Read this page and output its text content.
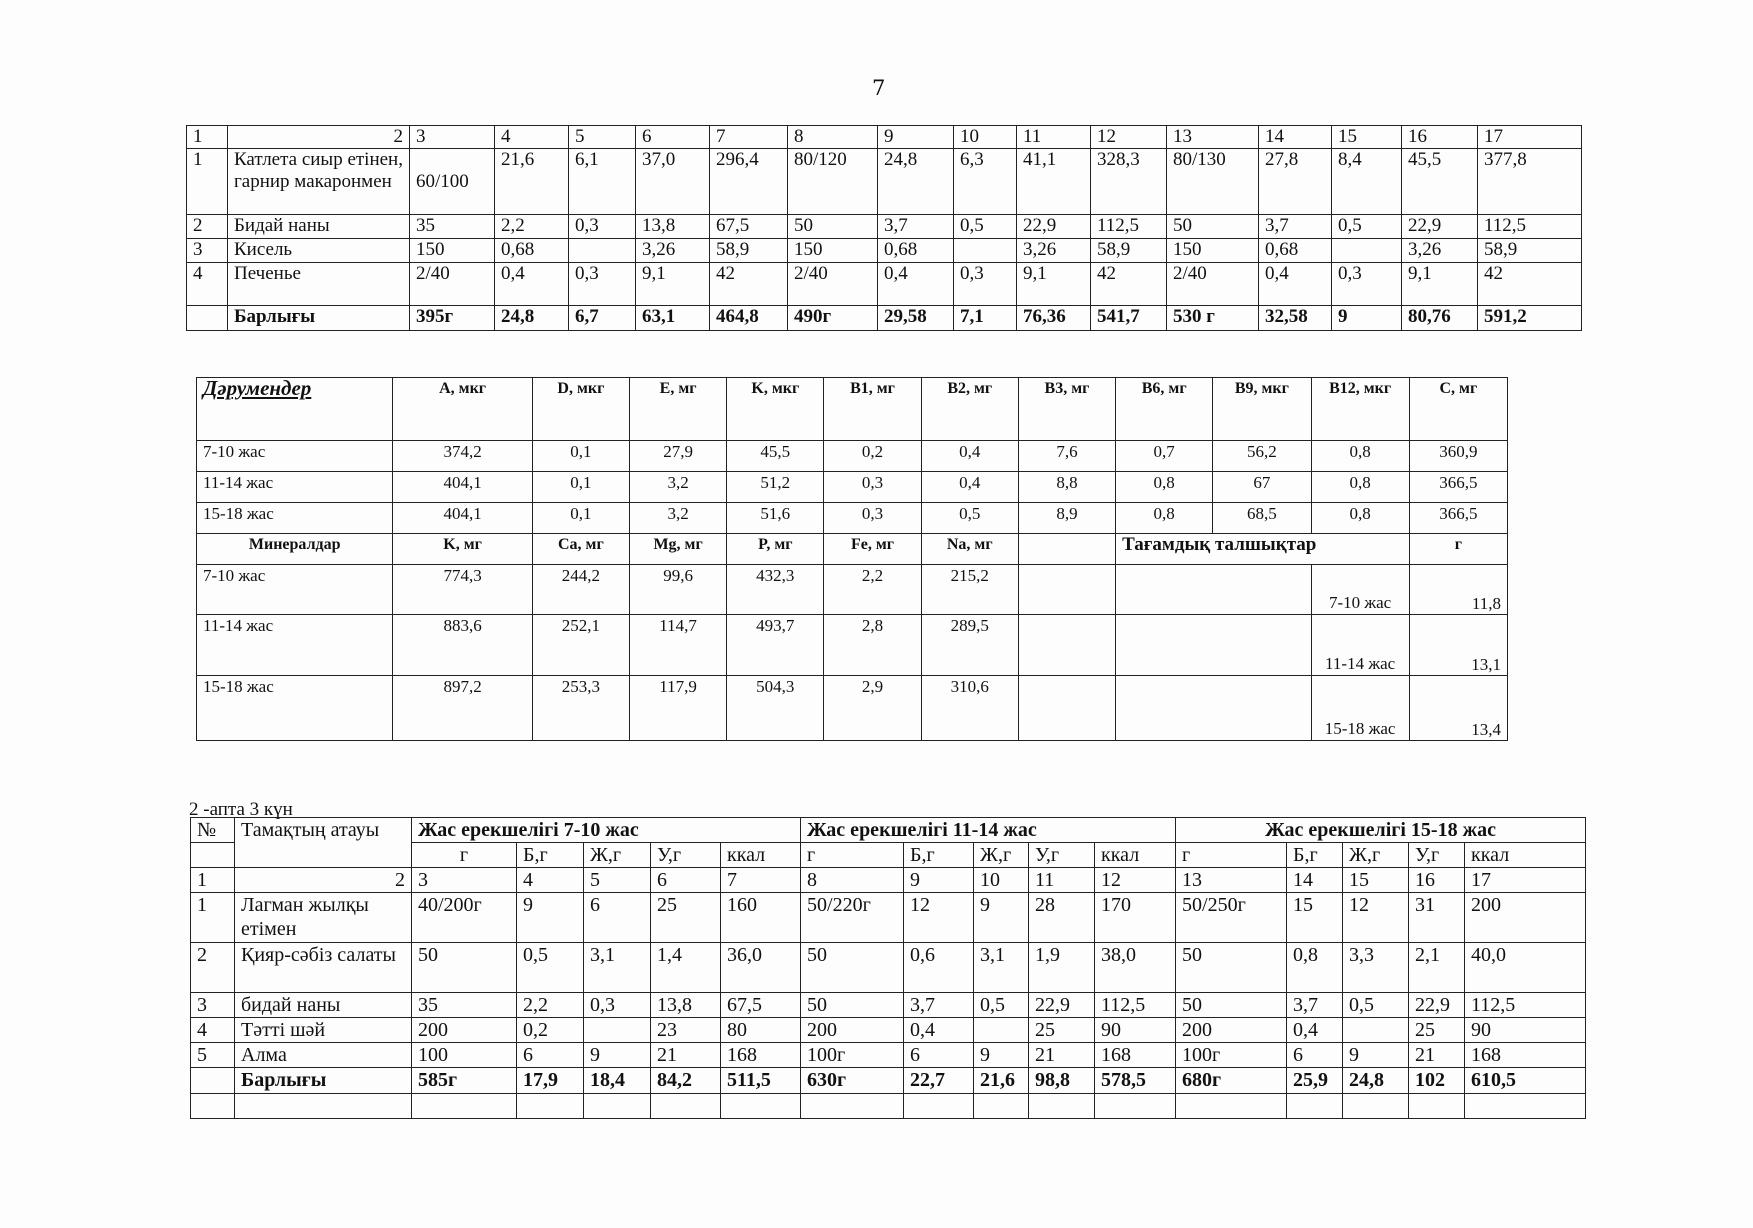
7
1	2	3	4	5	6	7	8	9	10	11	12	13	14	15	16	17
1	Катлета сиыр етінен, гарнир макаронмен	60/100	21,6	6,1	37,0	296,4	80/120	24,8	6,3	41,1	328,3	80/130	27,8	8,4	45,5	377,8
2	Бидай наны	35	2,2	0,3	13,8	67,5	50	3,7	0,5	22,9	112,5	50	3,7	0,5	22,9	112,5
3	Кисель	150	0,68		3,26	58,9	150	0,68		3,26	58,9	150	0,68		3,26	58,9
4	Печенье	2/40	0,4	0,3	9,1	42	2/40	0,4	0,3	9,1	42	2/40	0,4	0,3	9,1	42
	Барлығы	395г	24,8	6,7	63,1	464,8	490г	29,58	7,1	76,36	541,7	530 г	32,58	9	80,76	591,2
Дәрумендер	A, мкг	D, мкг	E, мг	K, мкг	B1, мг	B2, мг	B3, мг	B6, мг	B9, мкг	B12, мкг	C, мг
7-10 жас	374,2	0,1	27,9	45,5	0,2	0,4	7,6	0,7	56,2	0,8	360,9
11-14 жас	404,1	0,1	3,2	51,2	0,3	0,4	8,8	0,8	67	0,8	366,5
15-18 жас	404,1	0,1	3,2	51,6	0,3	0,5	8,9	0,8	68,5	0,8	366,5
Минералдар	K, мг	Ca, мг	Mg, мг	P, мг	Fe, мг	Na, мг		Тағамдық талшықтар			г
7-10 жас	774,3	244,2	99,6	432,3	2,2	215,2				7-10 жас	11,8
11-14 жас	883,6	252,1	114,7	493,7	2,8	289,5				11-14 жас	13,1
15-18 жас	897,2	253,3	117,9	504,3	2,9	310,6				15-18 жас	13,4
2 -апта 3 күн
№	Тамақтың атауы	Жас ерекшелігі 7-10 жас					Жас ерекшелігі 11-14 жас					Жас ерекшелігі 15-18 жас				
		г	Б,г	Ж,г	У,г	ккал	г	Б,г	Ж,г	У,г	ккал	г	Б,г	Ж,г	У,г	ккал
1	2	3	4	5	6	7	8	9	10	11	12	13	14	15	16	17
1	Лагман жылқы етімен	40/200г	9	6	25	160	50/220г	12	9	28	170	50/250г	15	12	31	200
2	Қияр-сәбіз салаты	50	0,5	3,1	1,4	36,0	50	0,6	3,1	1,9	38,0	50	0,8	3,3	2,1	40,0
3	бидай наны	35	2,2	0,3	13,8	67,5	50	3,7	0,5	22,9	112,5	50	3,7	0,5	22,9	112,5
4	Тәтті шәй	200	0,2		23	80	200	0,4		25	90	200	0,4		25	90
5	Алма	100	6	9	21	168	100г	6	9	21	168	100г	6	9	21	168
	Барлығы	585г	17,9	18,4	84,2	511,5	630г	22,7	21,6	98,8	578,5	680г	25,9	24,8	102	610,5
